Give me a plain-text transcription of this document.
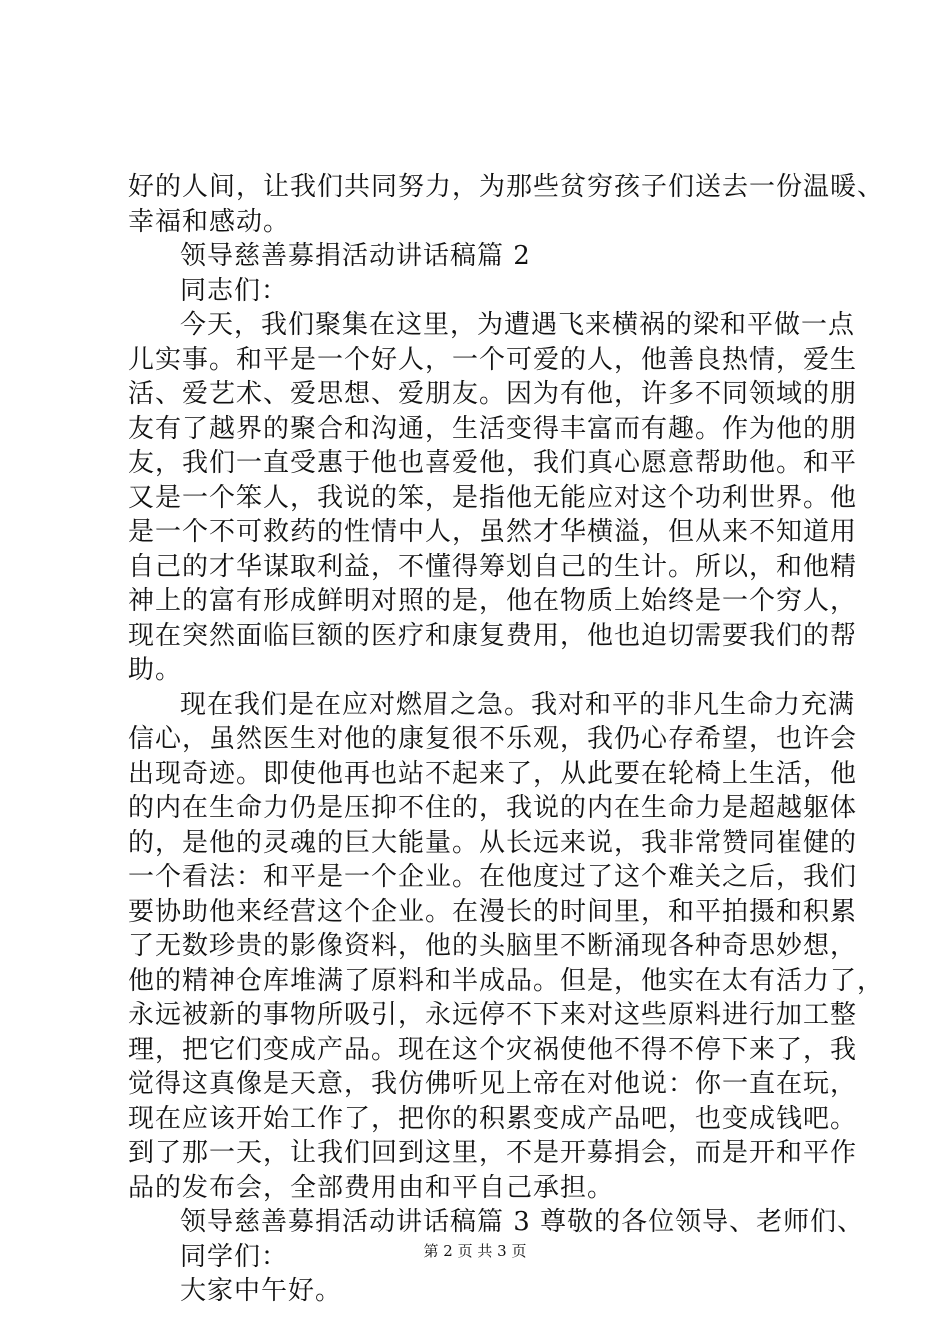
好的人间，让我们共同努力，为那些贫穷孩子们送去一份温暖、
幸福和感动。
领导慈善募捐活动讲话稿篇 2
同志们：
今天，我们聚集在这里，为遭遇飞来横祸的梁和平做一点
儿实事。和平是一个好人，一个可爱的人，他善良热情，爱生
活、爱艺术、爱思想、爱朋友。因为有他，许多不同领域的朋
友有了越界的聚合和沟通，生活变得丰富而有趣。作为他的朋
友，我们一直受惠于他也喜爱他，我们真心愿意帮助他。和平
又是一个笨人，我说的笨，是指他无能应对这个功利世界。他
是一个不可救药的性情中人，虽然才华横溢，但从来不知道用
自己的才华谋取利益，不懂得筹划自己的生计。所以，和他精
神上的富有形成鲜明对照的是，他在物质上始终是一个穷人，
现在突然面临巨额的医疗和康复费用，他也迫切需要我们的帮
助。
现在我们是在应对燃眉之急。我对和平的非凡生命力充满
信心，虽然医生对他的康复很不乐观，我仍心存希望，也许会
出现奇迹。即使他再也站不起来了，从此要在轮椅上生活，他
的内在生命力仍是压抑不住的，我说的内在生命力是超越躯体
的，是他的灵魂的巨大能量。从长远来说，我非常赞同崔健的
一个看法：和平是一个企业。在他度过了这个难关之后，我们
要协助他来经营这个企业。在漫长的时间里，和平拍摄和积累
了无数珍贵的影像资料，他的头脑里不断涌现各种奇思妙想，
他的精神仓库堆满了原料和半成品。但是，他实在太有活力了，
永远被新的事物所吸引，永远停不下来对这些原料进行加工整
理，把它们变成产品。现在这个灾祸使他不得不停下来了，我
觉得这真像是天意，我仿佛听见上帝在对他说：你一直在玩，
现在应该开始工作了，把你的积累变成产品吧，也变成钱吧。
到了那一天，让我们回到这里，不是开募捐会，而是开和平作
品的发布会，全部费用由和平自己承担。
领导慈善募捐活动讲话稿篇 3 尊敬的各位领导、老师们、
同学们：
大家中午好。
第 2 页 共 3 页
